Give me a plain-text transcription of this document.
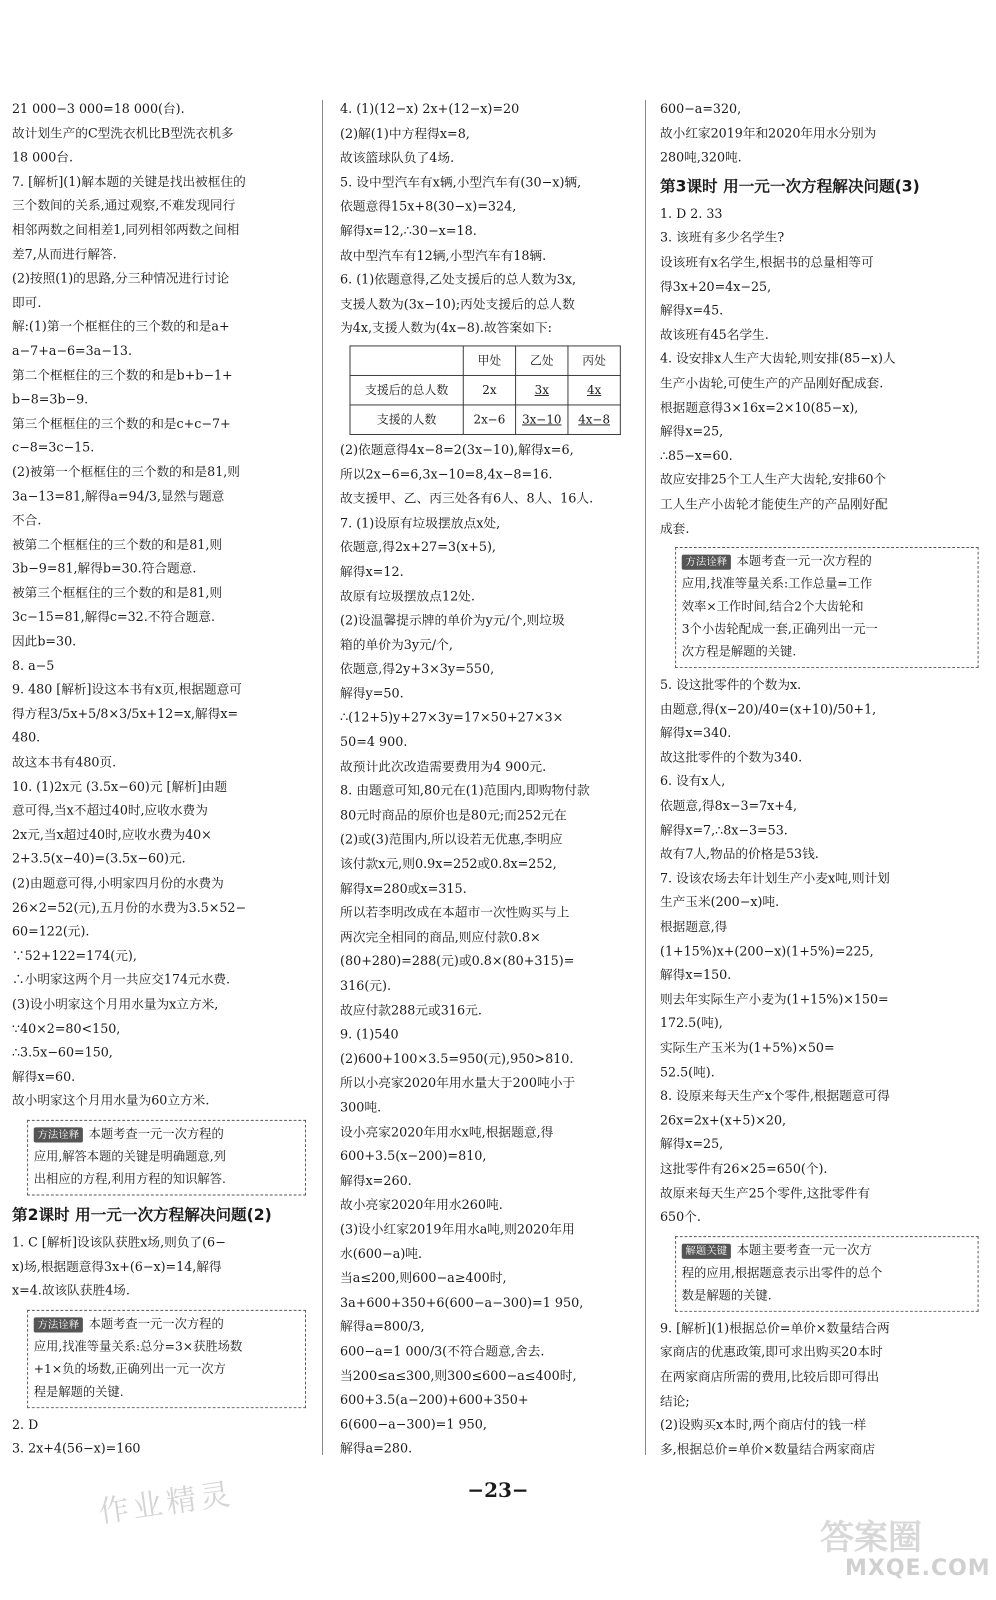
21 000−3 000=18 000(台).
故计划生产的C型洗衣机比B型洗衣机多
18 000台.
7. [解析](1)解本题的关键是找出被框住的
三个数间的关系,通过观察,不难发现同行
相邻两数之间相差1,同列相邻两数之间相
差7,从而进行解答.
(2)按照(1)的思路,分三种情况进行讨论
即可.
解:(1)第一个框框住的三个数的和是a+
a−7+a−6=3a−13.
第二个框框住的三个数的和是b+b−1+
b−8=3b−9.
第三个框框住的三个数的和是c+c−7+
c−8=3c−15.
(2)被第一个框框住的三个数的和是81,则
3a−13=81,解得a=94/3,显然与题意
不合.
被第二个框框住的三个数的和是81,则
3b−9=81,解得b=30.符合题意.
被第三个框框住的三个数的和是81,则
3c−15=81,解得c=32.不符合题意.
因此b=30.
8. a−5
9. 480 [解析]设这本书有x页,根据题意可
得方程3/5x+5/8×3/5x+12=x,解得x=
480.
故这本书有480页.
10. (1)2x元 (3.5x−60)元 [解析]由题
意可得,当x不超过40时,应收水费为
2x元,当x超过40时,应收水费为40×
2+3.5(x−40)=(3.5x−60)元.
(2)由题意可得,小明家四月份的水费为
26×2=52(元),五月份的水费为3.5×52−
60=122(元).
∵52+122=174(元),
∴小明家这两个月一共应交174元水费.
(3)设小明家这个月用水量为x立方米,
∵40×2=80<150,
∴3.5x−60=150,
解得x=60.
故小明家这个月用水量为60立方米.
方法诠释 本题考查一元一次方程的
应用,解答本题的关键是明确题意,列
出相应的方程,利用方程的知识解答.
第2课时 用一元一次方程解决问题(2)
1. C [解析]设该队获胜x场,则负了(6−
x)场,根据题意得3x+(6−x)=14,解得
x=4.故该队获胜4场.
方法诠释 本题考查一元一次方程的
应用,找准等量关系:总分=3×获胜场数
+1×负的场数,正确列出一元一次方
程是解题的关键.
2. D
3. 2x+4(56−x)=160
4. (1)(12−x) 2x+(12−x)=20
(2)解(1)中方程得x=8,
故该篮球队负了4场.
5. 设中型汽车有x辆,小型汽车有(30−x)辆,
依题意得15x+8(30−x)=324,
解得x=12,∴30−x=18.
故中型汽车有12辆,小型汽车有18辆.
6. (1)依题意得,乙处支援后的总人数为3x,
支援人数为(3x−10);丙处支援后的总人数
为4x,支援人数为(4x−8).故答案如下:
	甲处	乙处	丙处
支援后的总人数	2x	3x	4x
支援的人数	2x−6	3x−10	4x−8
(2)依题意得4x−8=2(3x−10),解得x=6,
所以2x−6=6,3x−10=8,4x−8=16.
故支援甲、乙、丙三处各有6人、8人、16人.
7. (1)设原有垃圾摆放点x处,
依题意,得2x+27=3(x+5),
解得x=12.
故原有垃圾摆放点12处.
(2)设温馨提示牌的单价为y元/个,则垃圾
箱的单价为3y元/个,
依题意,得2y+3×3y=550,
解得y=50.
∴(12+5)y+27×3y=17×50+27×3×
50=4 900.
故预计此次改造需要费用为4 900元.
8. 由题意可知,80元在(1)范围内,即购物付款
80元时商品的原价也是80元;而252元在
(2)或(3)范围内,所以设若无优惠,李明应
该付款x元,则0.9x=252或0.8x=252,
解得x=280或x=315.
所以若李明改成在本超市一次性购买与上
两次完全相同的商品,则应付款0.8×
(80+280)=288(元)或0.8×(80+315)=
316(元).
故应付款288元或316元.
9. (1)540
(2)600+100×3.5=950(元),950>810.
所以小亮家2020年用水量大于200吨小于
300吨.
设小亮家2020年用水x吨,根据题意,得
600+3.5(x−200)=810,
解得x=260.
故小亮家2020年用水260吨.
(3)设小红家2019年用水a吨,则2020年用
水(600−a)吨.
当a≤200,则600−a≥400时,
3a+600+350+6(600−a−300)=1 950,
解得a=800/3,
600−a=1 000/3(不符合题意,舍去.
当200≤a≤300,则300≤600−a≤400时,
600+3.5(a−200)+600+350+
6(600−a−300)=1 950,
解得a=280.
600−a=320,
故小红家2019年和2020年用水分别为
280吨,320吨.
第3课时 用一元一次方程解决问题(3)
1. D 2. 33
3. 该班有多少名学生?
设该班有x名学生,根据书的总量相等可
得3x+20=4x−25,
解得x=45.
故该班有45名学生.
4. 设安排x人生产大齿轮,则安排(85−x)人
生产小齿轮,可使生产的产品刚好配成套.
根据题意得3×16x=2×10(85−x),
解得x=25,
∴85−x=60.
故应安排25个工人生产大齿轮,安排60个
工人生产小齿轮才能使生产的产品刚好配
成套.
方法诠释 本题考查一元一次方程的
应用,找准等量关系:工作总量=工作
效率×工作时间,结合2个大齿轮和
3个小齿轮配成一套,正确列出一元一
次方程是解题的关键.
5. 设这批零件的个数为x.
由题意,得(x−20)/40=(x+10)/50+1,
解得x=340.
故这批零件的个数为340.
6. 设有x人,
依题意,得8x−3=7x+4,
解得x=7,∴8x−3=53.
故有7人,物品的价格是53钱.
7. 设该农场去年计划生产小麦x吨,则计划
生产玉米(200−x)吨.
根据题意,得
(1+15%)x+(200−x)(1+5%)=225,
解得x=150.
则去年实际生产小麦为(1+15%)×150=
172.5(吨),
实际生产玉米为(1+5%)×50=
52.5(吨).
8. 设原来每天生产x个零件,根据题意可得
26x=2x+(x+5)×20,
解得x=25,
这批零件有26×25=650(个).
故原来每天生产25个零件,这批零件有
650个.
解题关键 本题主要考查一元一次方
程的应用,根据题意表示出零件的总个
数是解题的关键.
9. [解析](1)根据总价=单价×数量结合两
家商店的优惠政策,即可求出购买20本时
在两家商店所需的费用,比较后即可得出
结论;
(2)设购买x本时,两个商店付的钱一样
多,根据总价=单价×数量结合两家商店
−23−
作业精灵
答案圈
MXQE.COM
